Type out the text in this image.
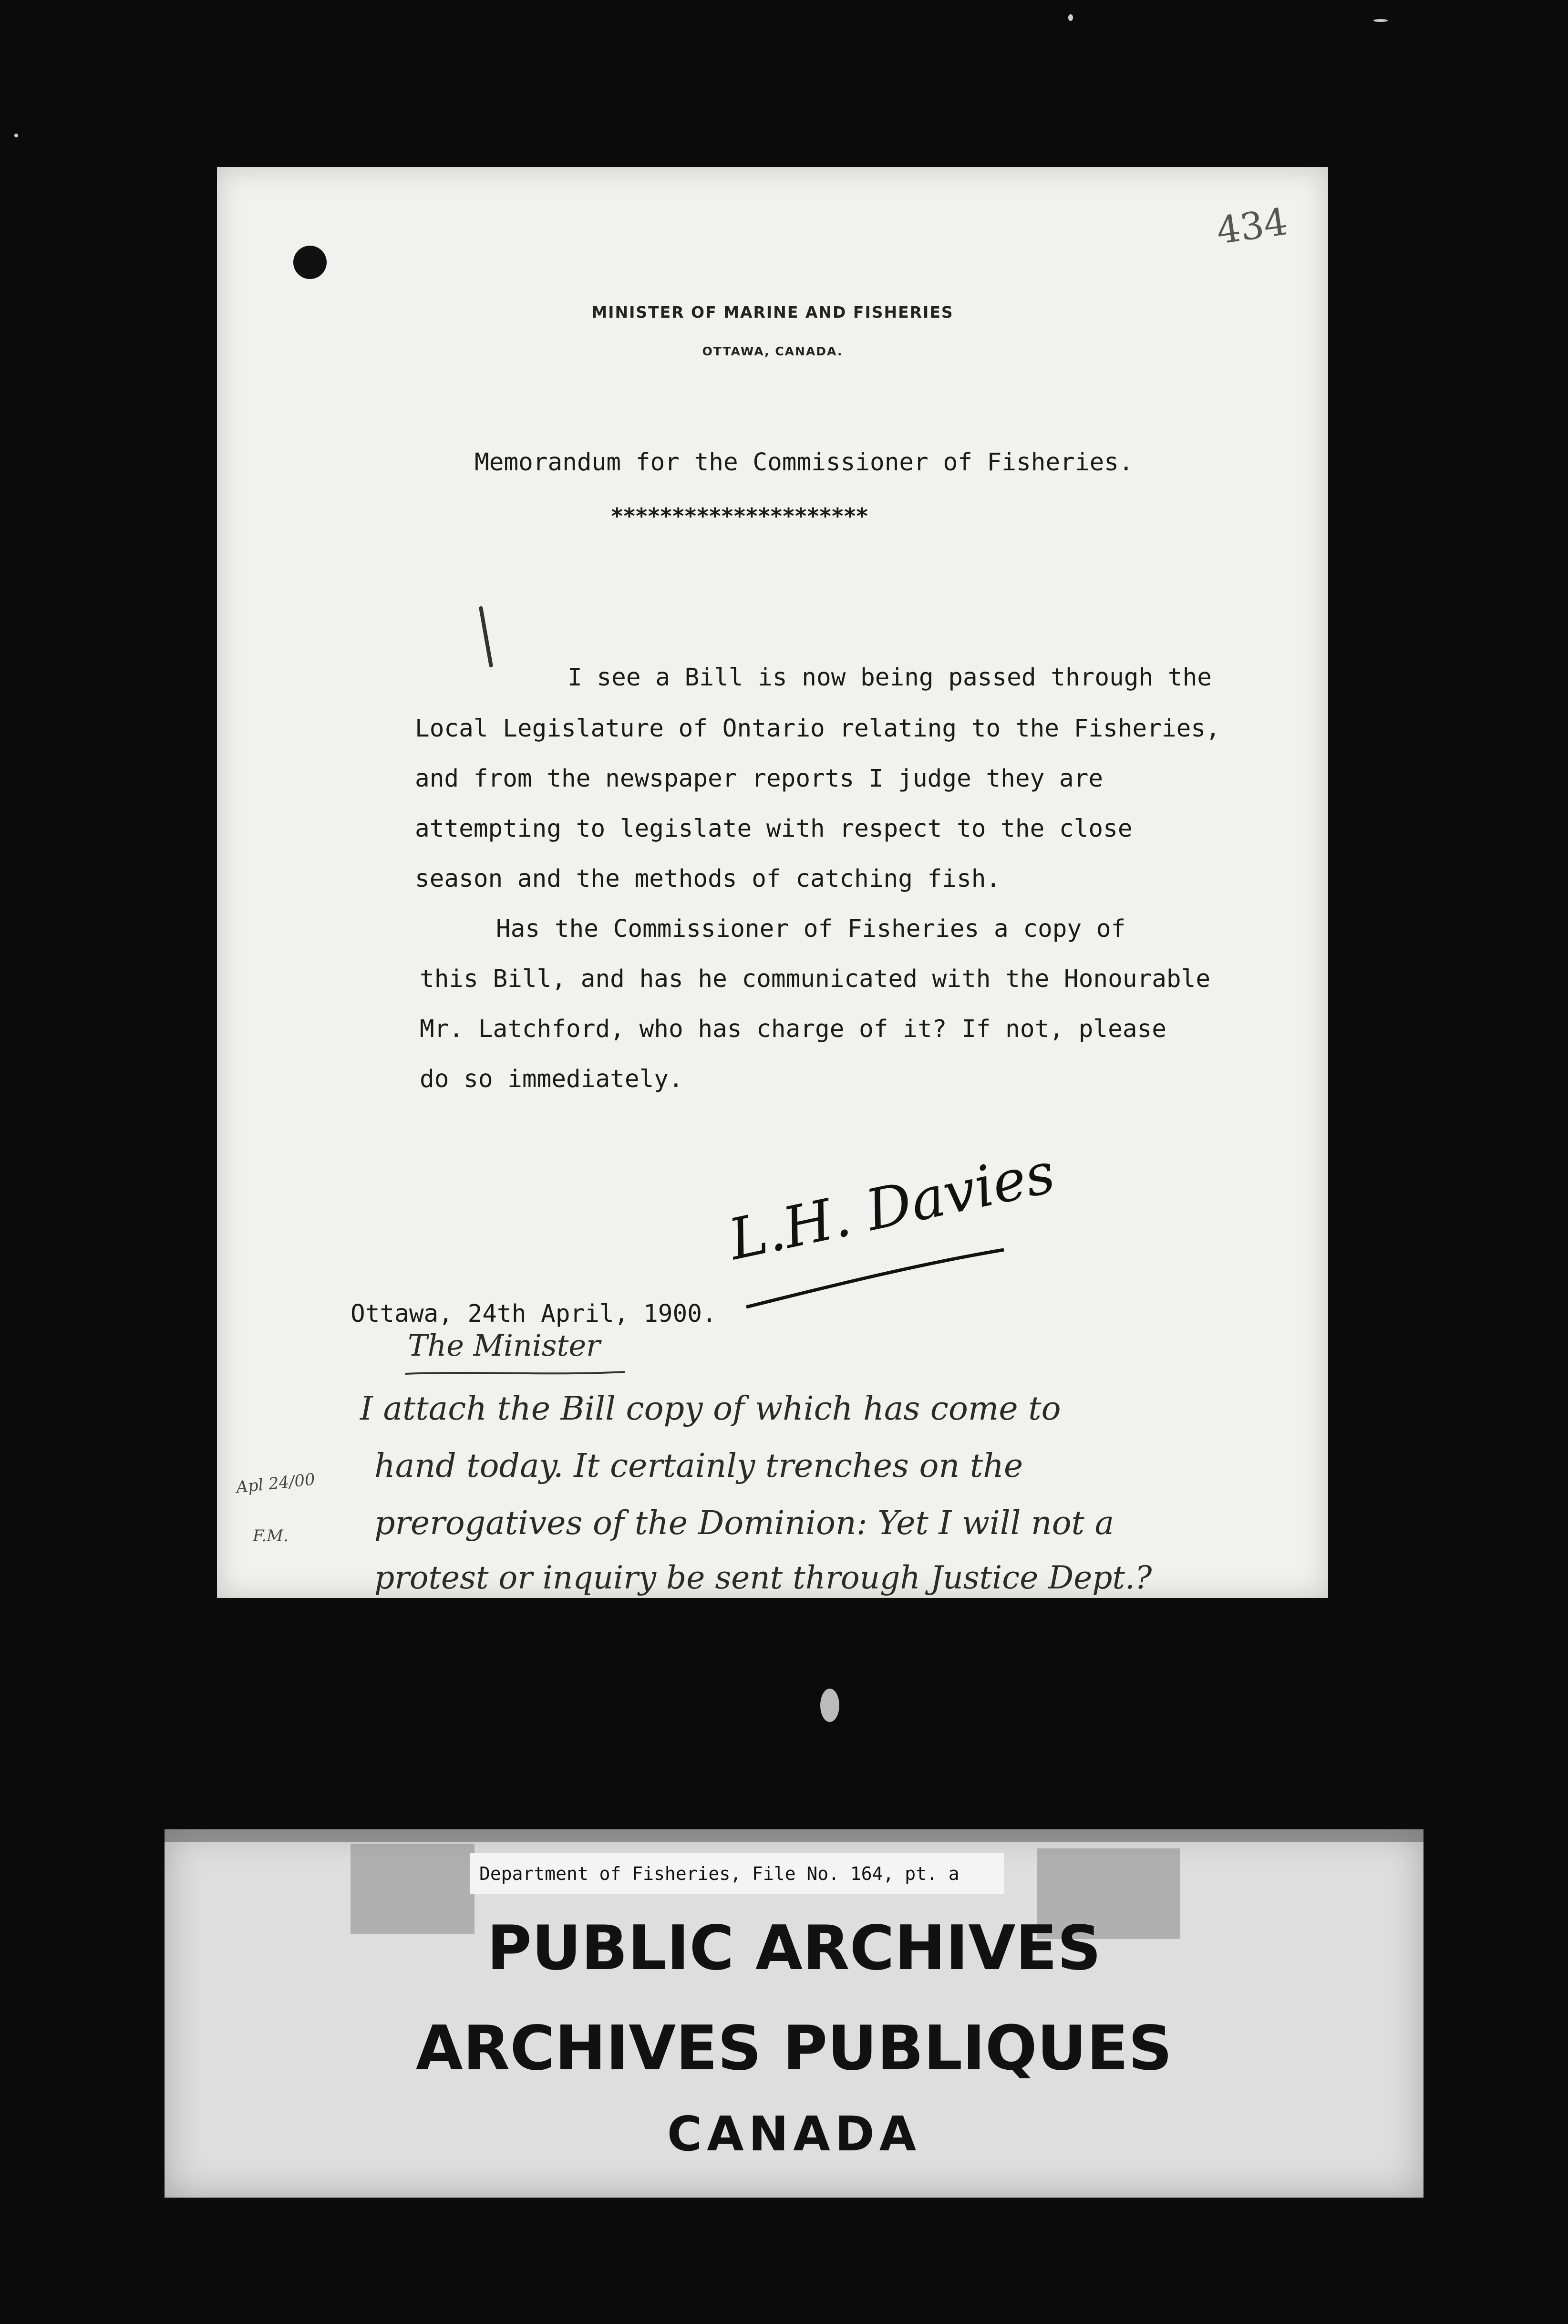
434
MINISTER OF MARINE AND FISHERIES
OTTAWA, CANADA.
Memorandum for the Commissioner of Fisheries.
*********************
I see a Bill is now being passed through the
Local Legislature of Ontario relating to the Fisheries,
and from the newspaper reports I judge they are
attempting to legislate with respect to the close
season and the methods of catching fish.
Has the Commissioner of Fisheries a copy of
this Bill, and has he communicated with the Honourable
Mr. Latchford, who has charge of it? If not, please
do so immediately.
L.H. Davies
Ottawa, 24th April, 1900.
The Minister
I attach the Bill copy of which has come to
hand today. It certainly trenches on the
prerogatives of the Dominion: Yet I will not a
protest or inquiry be sent through Justice Dept.?
Apl 24/00
F.M.
Department of Fisheries, File No. 164, pt. a
PUBLIC ARCHIVES
ARCHIVES PUBLIQUES
CANADA
